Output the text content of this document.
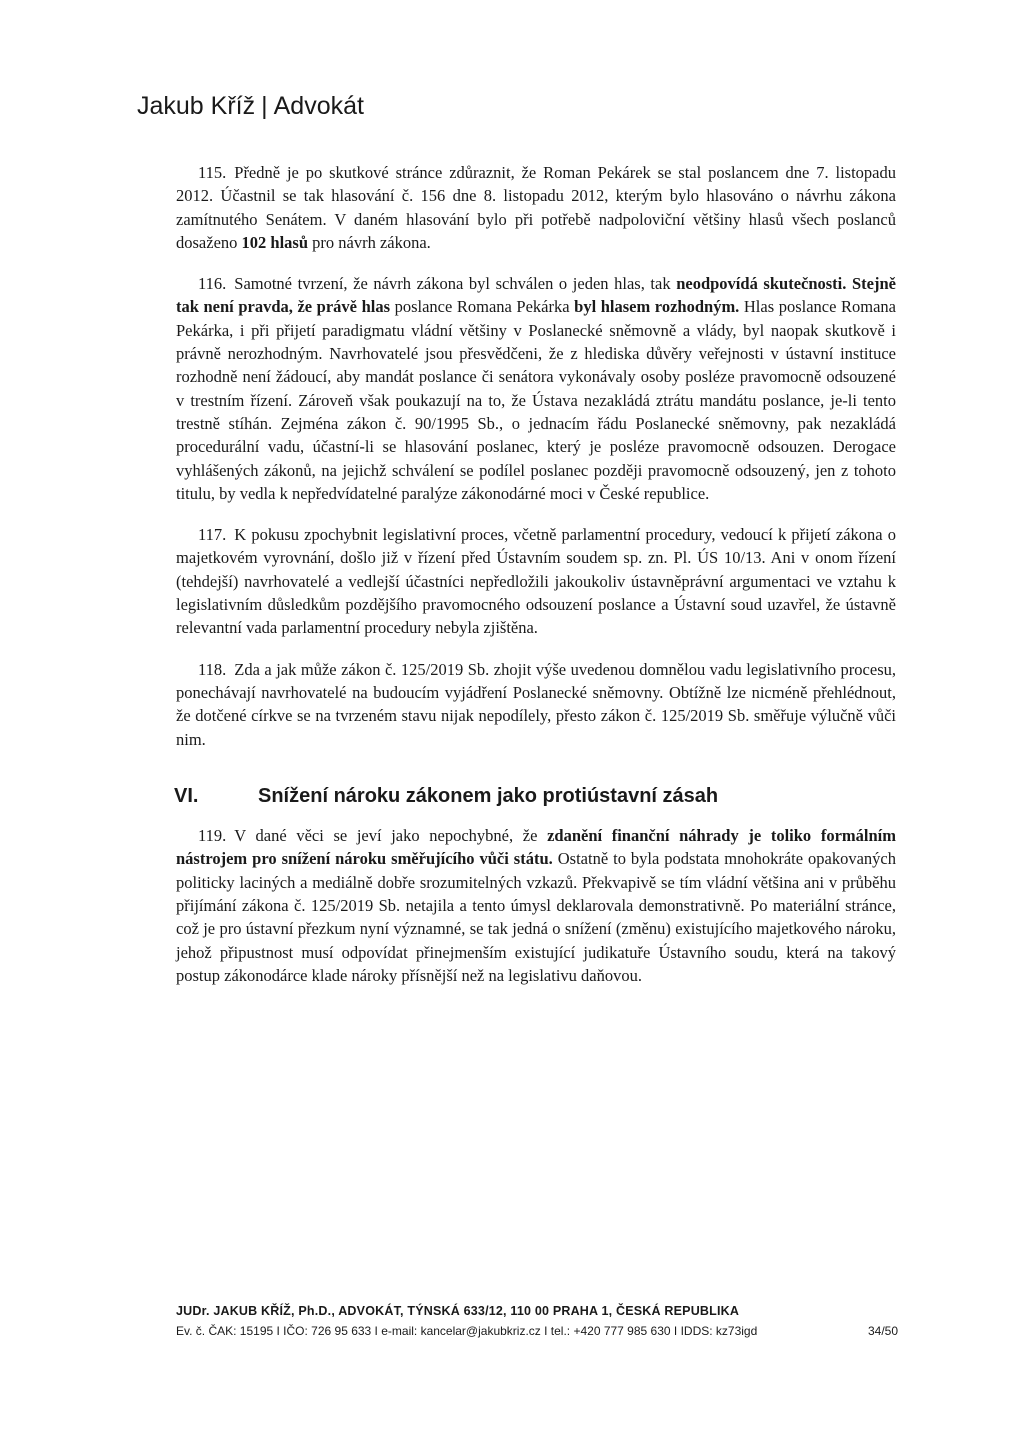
Jakub Kříž | Advokát

115. Předně je po skutkové stránce zdůraznit, že Roman Pekárek se stal poslancem dne 7. listopadu 2012. Účastnil se tak hlasování č. 156 dne 8. listopadu 2012, kterým bylo hlasováno o návrhu zákona zamítnutého Senátem. V daném hlasování bylo při potřebě nadpoloviční většiny hlasů všech poslanců dosaženo 102 hlasů pro návrh zákona.

116. Samotné tvrzení, že návrh zákona byl schválen o jeden hlas, tak neodpovídá skutečnosti. Stejně tak není pravda, že právě hlas poslance Romana Pekárka byl hlasem rozhodným. Hlas poslance Romana Pekárka, i při přijetí paradigmatu vládní většiny v Poslanecké sněmovně a vlády, byl naopak skutkově i právně nerozhodným. Navrhovatelé jsou přesvědčeni, že z hlediska důvěry veřejnosti v ústavní instituce rozhodně není žádoucí, aby mandát poslance či senátora vykonávaly osoby posléze pravomocně odsouzené v trestním řízení. Zároveň však poukazují na to, že Ústava nezakládá ztrátu mandátu poslance, je-li tento trestně stíhán. Zejména zákon č. 90/1995 Sb., o jednacím řádu Poslanecké sněmovny, pak nezakládá procedurální vadu, účastní-li se hlasování poslanec, který je posléze pravomocně odsouzen. Derogace vyhlášených zákonů, na jejichž schválení se podílel poslanec později pravomocně odsouzený, jen z tohoto titulu, by vedla k nepředvídatelné paralýze zákonodárné moci v České republice.

117. K pokusu zpochybnit legislativní proces, včetně parlamentní procedury, vedoucí k přijetí zákona o majetkovém vyrovnání, došlo již v řízení před Ústavním soudem sp. zn. Pl. ÚS 10/13. Ani v onom řízení (tehdejší) navrhovatelé a vedlejší účastníci nepředložili jakoukoliv ústavněprávní argumentaci ve vztahu k legislativním důsledkům pozdějšího pravomocného odsouzení poslance a Ústavní soud uzavřel, že ústavně relevantní vada parlamentní procedury nebyla zjištěna.

118. Zda a jak může zákon č. 125/2019 Sb. zhojit výše uvedenou domnělou vadu legislativního procesu, ponechávají navrhovatelé na budoucím vyjádření Poslanecké sněmovny. Obtížně lze nicméně přehlédnout, že dotčené církve se na tvrzeném stavu nijak nepodílely, přesto zákon č. 125/2019 Sb. směřuje výlučně vůči nim.

VI.	Snížení nároku zákonem jako protiústavní zásah

119. V dané věci se jeví jako nepochybné, že zdanění finanční náhrady je toliko formálním nástrojem pro snížení nároku směřujícího vůči státu. Ostatně to byla podstata mnohokráte opakovaných politicky laciných a mediálně dobře srozumitelných vzkazů. Překvapivě se tím vládní většina ani v průběhu přijímání zákona č. 125/2019 Sb. netajila a tento úmysl deklarovala demonstrativně. Po materiální stránce, což je pro ústavní přezkum nyní významné, se tak jedná o snížení (změnu) existujícího majetkového nároku, jehož připustnost musí odpovídat přinejmenším existující judikatuře Ústavního soudu, která na takový postup zákonodárce klade nároky přísnější než na legislativu daňovou.

JUDr. JAKUB KŘÍŽ, Ph.D., ADVOKÁT, TÝNSKÁ 633/12, 110 00 PRAHA 1, ČESKÁ REPUBLIKA
Ev. č. ČAK: 15195 I IČO: 726 95 633 I e-mail: kancelar@jakubkriz.cz I tel.: +420 777 985 630 I IDDS: kz73igd	34/50
